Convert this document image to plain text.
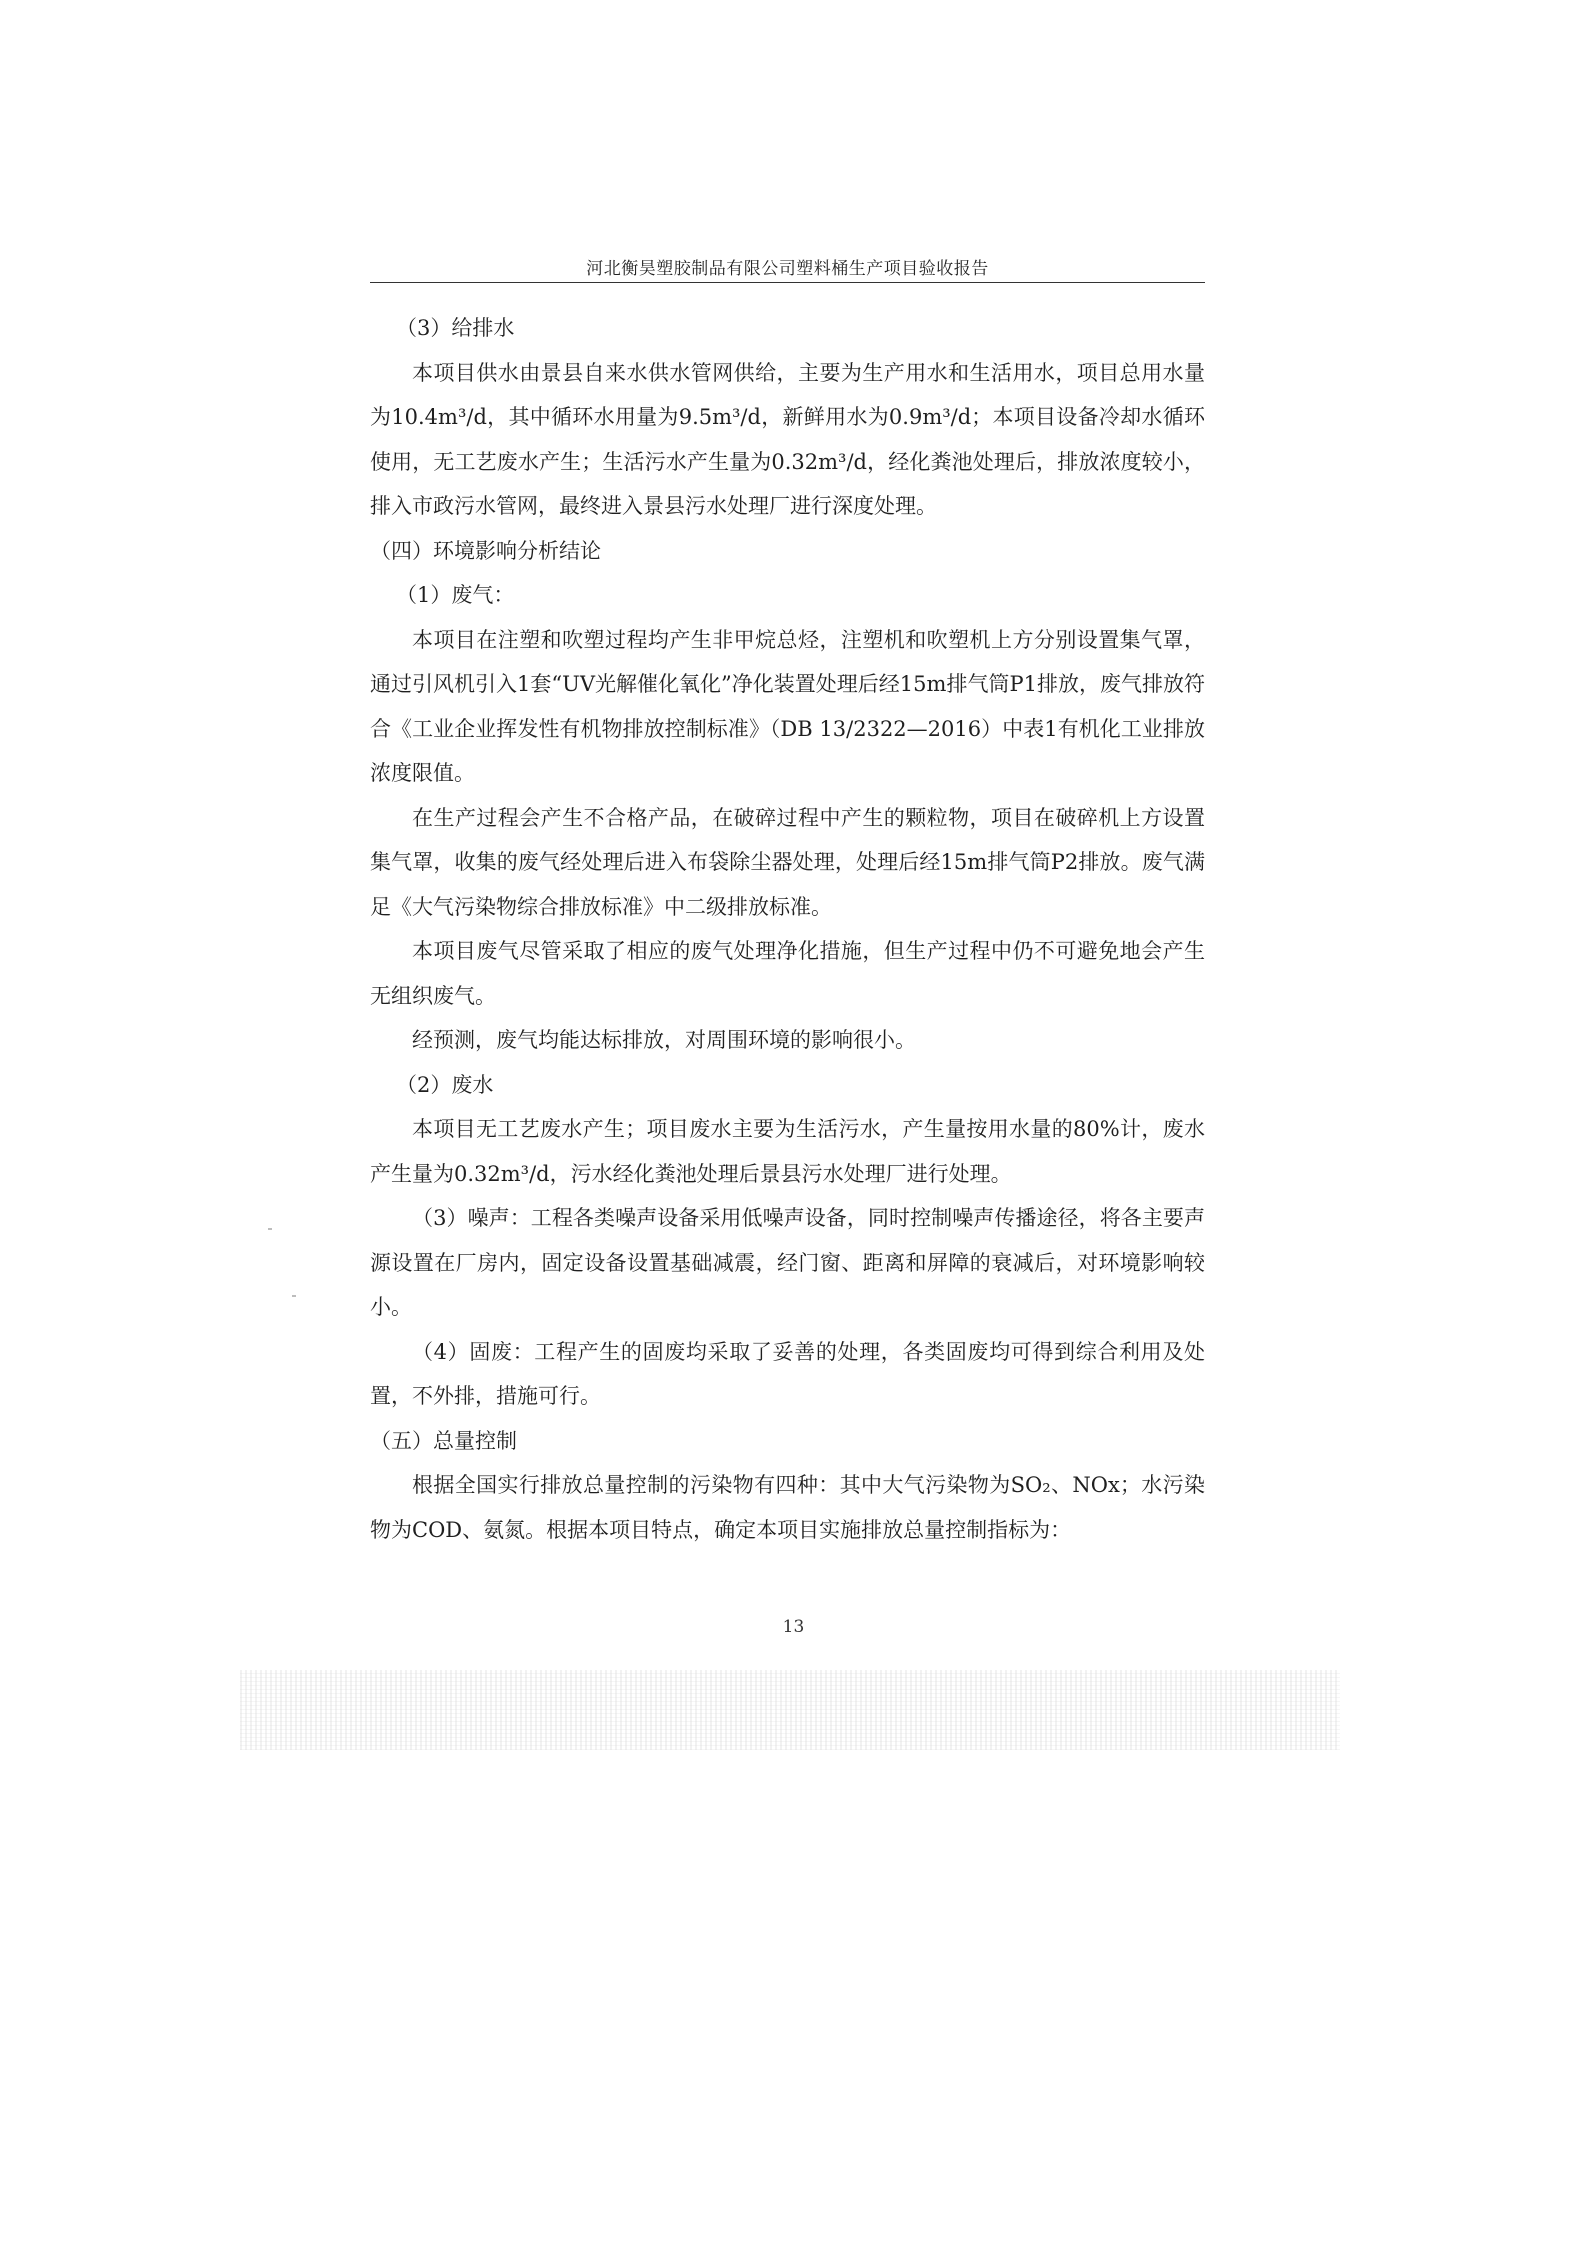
河北衡昊塑胶制品有限公司塑料桶生产项目验收报告

（3）给排水

本项目供水由景县自来水供水管网供给，主要为生产用水和生活用水，项目总用水量为10.4m³/d，其中循环水用量为9.5m³/d，新鲜用水为0.9m³/d；本项目设备冷却水循环使用，无工艺废水产生；生活污水产生量为0.32m³/d，经化粪池处理后，排放浓度较小，排入市政污水管网，最终进入景县污水处理厂进行深度处理。

（四）环境影响分析结论

（1）废气：

本项目在注塑和吹塑过程均产生非甲烷总烃，注塑机和吹塑机上方分别设置集气罩，通过引风机引入1套“UV光解催化氧化”净化装置处理后经15m排气筒P1排放，废气排放符合《工业企业挥发性有机物排放控制标准》（DB 13/2322—2016）中表1有机化工业排放浓度限值。

在生产过程会产生不合格产品，在破碎过程中产生的颗粒物，项目在破碎机上方设置集气罩，收集的废气经处理后进入布袋除尘器处理，处理后经15m排气筒P2排放。废气满足《大气污染物综合排放标准》中二级排放标准。

本项目废气尽管采取了相应的废气处理净化措施，但生产过程中仍不可避免地会产生无组织废气。

经预测，废气均能达标排放，对周围环境的影响很小。

（2）废水

本项目无工艺废水产生；项目废水主要为生活污水，产生量按用水量的80%计，废水产生量为0.32m³/d，污水经化粪池处理后景县污水处理厂进行处理。

（3）噪声：工程各类噪声设备采用低噪声设备，同时控制噪声传播途径，将各主要声源设置在厂房内，固定设备设置基础减震，经门窗、距离和屏障的衰减后，对环境影响较小。

（4）固废：工程产生的固废均采取了妥善的处理，各类固废均可得到综合利用及处置，不外排，措施可行。

（五）总量控制

根据全国实行排放总量控制的污染物有四种：其中大气污染物为SO₂、NOx；水污染物为COD、氨氮。根据本项目特点，确定本项目实施排放总量控制指标为：

13
